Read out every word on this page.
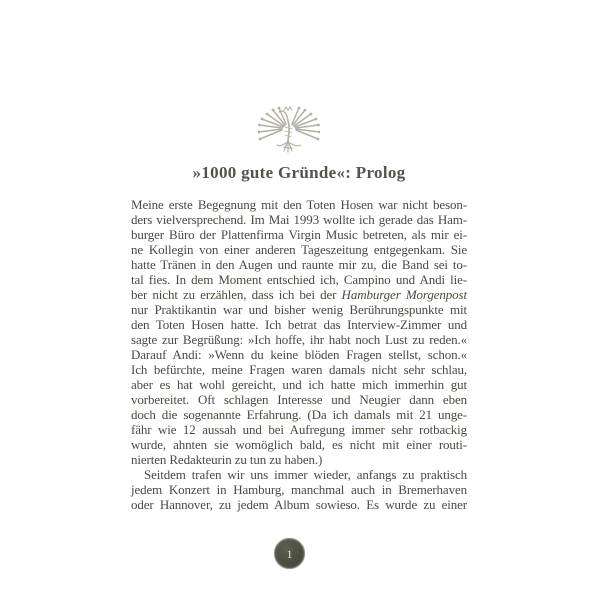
»1000 gute Gründe«: Prolog
Meine erste Begegnung mit den Toten Hosen war nicht beson-
ders vielversprechend. Im Mai 1993 wollte ich gerade das Ham-
burger Büro der Plattenfirma Virgin Music betreten, als mir ei-
ne Kollegin von einer anderen Tageszeitung entgegenkam. Sie
hatte Tränen in den Augen und raunte mir zu, die Band sei to-
tal fies. In dem Moment entschied ich, Campino und Andi lie-
ber nicht zu erzählen, dass ich bei der Hamburger Morgenpost
nur Praktikantin war und bisher wenig Berührungspunkte mit
den Toten Hosen hatte. Ich betrat das Interview-Zimmer und
sagte zur Begrüßung: »Ich hoffe, ihr habt noch Lust zu reden.«
Darauf Andi: »Wenn du keine blöden Fragen stellst, schon.«
Ich befürchte, meine Fragen waren damals nicht sehr schlau,
aber es hat wohl gereicht, und ich hatte mich immerhin gut
vorbereitet. Oft schlagen Interesse und Neugier dann eben
doch die sogenannte Erfahrung. (Da ich damals mit 21 unge-
fähr wie 12 aussah und bei Aufregung immer sehr rotbackig
wurde, ahnten sie womöglich bald, es nicht mit einer routi-
nierten Redakteurin zu tun zu haben.)
Seitdem trafen wir uns immer wieder, anfangs zu praktisch
jedem Konzert in Hamburg, manchmal auch in Bremerhaven
oder Hannover, zu jedem Album sowieso. Es wurde zu einer
1
